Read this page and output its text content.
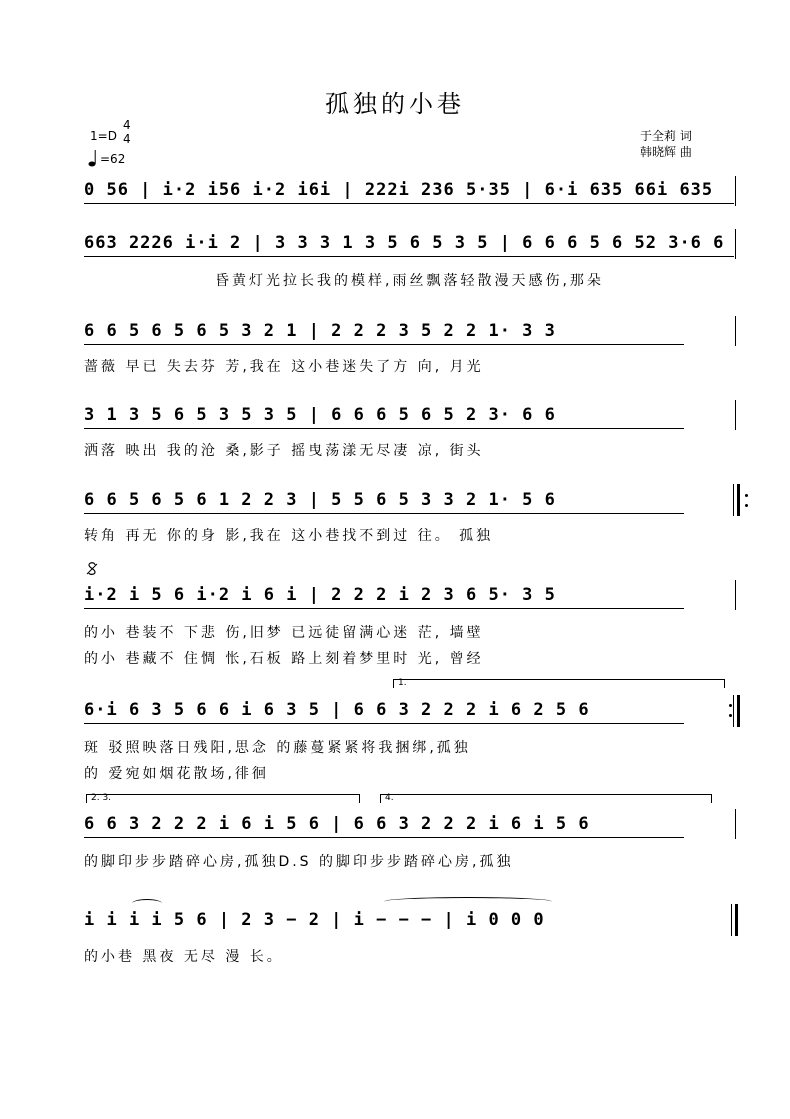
孤独的小巷
1=D
4
4
=62
于全莉 词
韩晓辉 曲
0 56 | i·2 i56 i·2 i6i | 222i 236 5·35 | 6·i 635 66i 635
663 2226 i·i 2 | 3 3 3 1 3 5 6 5 3 5 | 6 6 6 5 6 52 3·6 6
昏黄灯光拉长我的模样,雨丝飘落轻散漫天感伤,那朵
6 6 5 6 5 6 5 3 2 1 | 2 2 2 3 5 2 2 1· 3 3
蔷薇 早已 失去芬 芳,我在 这小巷迷失了方 向, 月光
3 1 3 5 6 5 3 5 3 5 | 6 6 6 5 6 5 2 3· 6 6
洒落 映出 我的沧 桑,影子 摇曳荡漾无尽凄 凉, 街头
6 6 5 6 5 6 1 2 2 3 | 5 5 6 5 3 3 2 1· 5 6
转角 再无 你的身 影,我在 这小巷找不到过 往。 孤独
i·2 i 5 6 i·2 i 6 i | 2 2 2 i 2 3 6 5· 3 5
的小 巷装不 下悲 伤,旧梦 已远徒留满心迷 茫, 墙壁
的小 巷藏不 住惆 怅,石板 路上刻着梦里时 光, 曾经
1.
6·i 6 3 5 6 6 i 6 3 5 | 6 6 3 2 2 2 i 6 2 5 6
斑 驳照映落日残阳,思念 的藤蔓紧紧将我捆绑,孤独
的 爱宛如烟花散场,徘徊
2. 3.	4.
6 6 3 2 2 2 i 6 i 5 6 | 6 6 3 2 2 2 i 6 i 5 6
的脚印步步踏碎心房,孤独D.S 的脚印步步踏碎心房,孤独
i i i i 5 6 | 2 3 − 2 | i − − − | i 0 0 0
的小巷 黑夜 无尽 漫 长。
